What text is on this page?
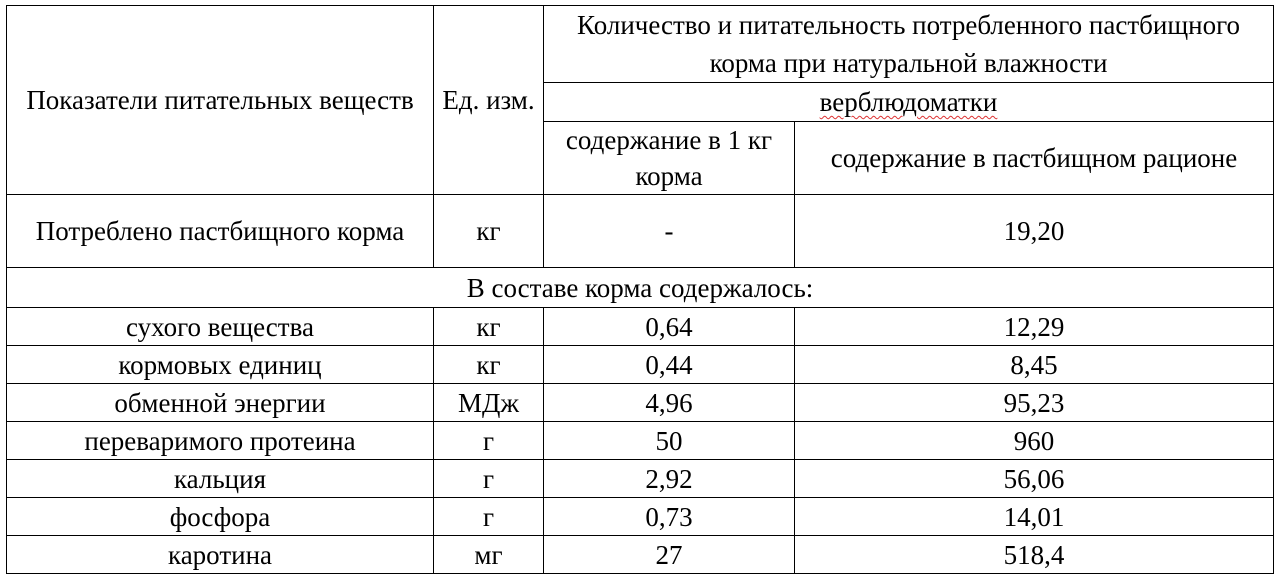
Показатели питательных веществ	Ед. изм.	Количество и питательность потребленного пастбищного корма при натуральной влажности	
		верблюдоматки	
		содержание в 1 кг корма	содержание в пастбищном рационе
Потреблено пастбищного корма	кг	-	19,20
В составе корма содержалось:			
сухого вещества	кг	0,64	12,29
кормовых единиц	кг	0,44	8,45
обменной энергии	МДж	4,96	95,23
переваримого протеина	г	50	960
кальция	г	2,92	56,06
фосфора	г	0,73	14,01
каротина	мг	27	518,4
